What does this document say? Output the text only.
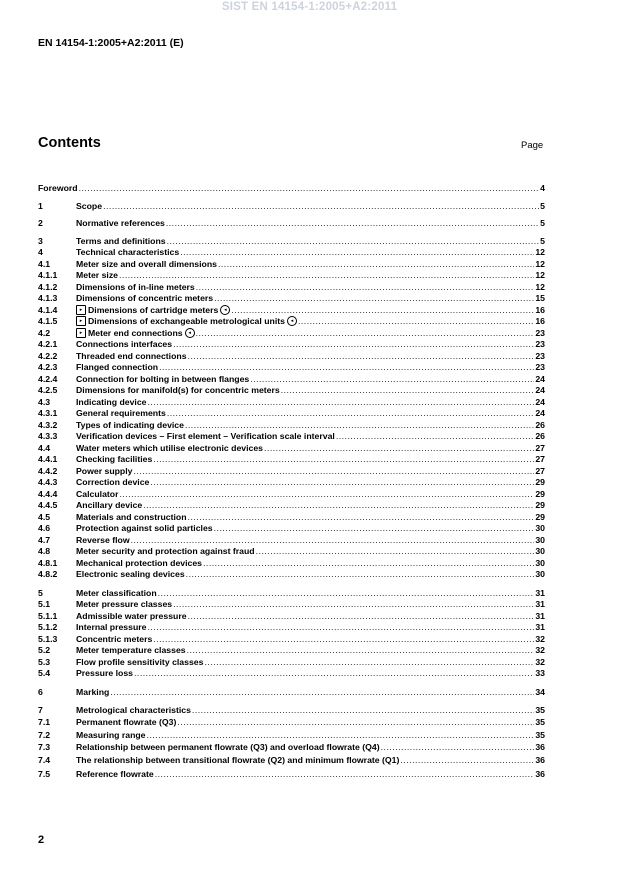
SIST EN 14154-1:2005+A2:2011
EN 14154-1:2005+A2:2011 (E)
Contents	Page
Foreword .....	4
1	Scope .....	5
2	Normative references .....	5
3	Terms and definitions .....	5
4	Technical characteristics .....	12
4.1	Meter size and overall dimensions .....	12
4.1.1	Meter size .....	12
4.1.2	Dimensions of in-line meters .....	12
4.1.3	Dimensions of concentric meters .....	15
4.1.4	▸ Dimensions of cartridge meters ◂ .....	16
4.1.5	▸ Dimensions of exchangeable metrological units ◂ .....	16
4.2	▸ Meter end connections ◂ .....	23
4.2.1	Connections interfaces .....	23
4.2.2	Threaded end connections .....	23
4.2.3	Flanged connection .....	23
4.2.4	Connection for bolting in between flanges .....	24
4.2.5	Dimensions for manifold(s) for concentric meters .....	24
4.3	Indicating device .....	24
4.3.1	General requirements .....	24
4.3.2	Types of indicating device .....	26
4.3.3	Verification devices – First element – Verification scale interval .....	26
4.4	Water meters which utilise electronic devices .....	27
4.4.1	Checking facilities .....	27
4.4.2	Power supply .....	27
4.4.3	Correction device .....	29
4.4.4	Calculator .....	29
4.4.5	Ancillary device .....	29
4.5	Materials and construction .....	29
4.6	Protection against solid particles .....	30
4.7	Reverse flow .....	30
4.8	Meter security and protection against fraud .....	30
4.8.1	Mechanical protection devices .....	30
4.8.2	Electronic sealing devices .....	30
5	Meter classification .....	31
5.1	Meter pressure classes .....	31
5.1.1	Admissible water pressure .....	31
5.1.2	Internal pressure .....	31
5.1.3	Concentric meters .....	32
5.2	Meter temperature classes .....	32
5.3	Flow profile sensitivity classes .....	32
5.4	Pressure loss .....	33
6	Marking .....	34
7	Metrological characteristics .....	35
7.1	Permanent flowrate (Q3) .....	35
7.2	Measuring range .....	35
7.3	Relationship between permanent flowrate (Q3) and overload flowrate (Q4) .....	36
7.4	The relationship between transitional flowrate (Q2) and minimum flowrate (Q1) .....	36
7.5	Reference flowrate .....	36
2
